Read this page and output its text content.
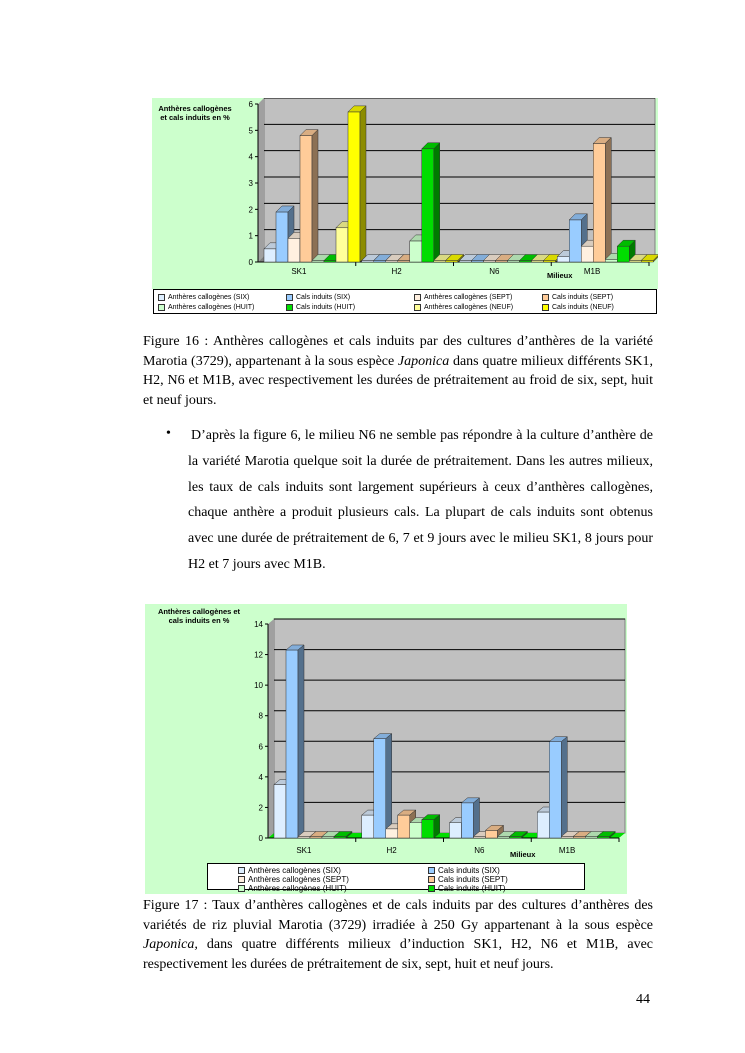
Anthères callogènes et cals induits en %
0
1
2
3
4
5
6
SK1	H2	N6	M1B
Milieux
Anthères callogènes (SIX)	Cals induits (SIX)	Anthères callogènes (SEPT)	Cals induits (SEPT)
Anthères callogènes (HUIT)	Cals induits (HUIT)	Anthères callogènes (NEUF)	Cals induits (NEUF)
Figure 16 : Anthères callogènes et cals induits par des cultures d’anthères de la variété Marotia (3729), appartenant à la sous espèce Japonica dans quatre milieux différents SK1, H2, N6 et M1B, avec respectivement les durées de prétraitement au froid de six, sept, huit et neuf jours.
• D’après la figure 6, le milieu N6 ne semble pas répondre à la culture d’anthère de la variété Marotia quelque soit la durée de prétraitement. Dans les autres milieux, les taux de cals induits sont largement supérieurs à ceux d’anthères callogènes, chaque anthère a produit plusieurs cals. La plupart de cals induits sont obtenus avec une durée de prétraitement de 6, 7 et 9 jours avec le milieu SK1, 8 jours pour H2 et 7 jours avec M1B.
Anthères callogènes et cals induits en %
0
2
4
6
8
10
12
14
SK1	H2	N6	M1B
Milieux
Anthères callogènes (SIX)	Cals induits (SIX)
Anthères callogènes (SEPT)	Cals induits (SEPT)
Anthères callogènes (HUIT)	Cals induits (HUIT)
Figure 17 : Taux d’anthères callogènes et de cals induits par des cultures d’anthères des variétés de riz pluvial Marotia (3729) irradiée à 250 Gy appartenant à la sous espèce Japonica, dans quatre différents milieux d’induction SK1, H2, N6 et M1B, avec respectivement les durées de prétraitement de six, sept, huit et neuf jours.
44
